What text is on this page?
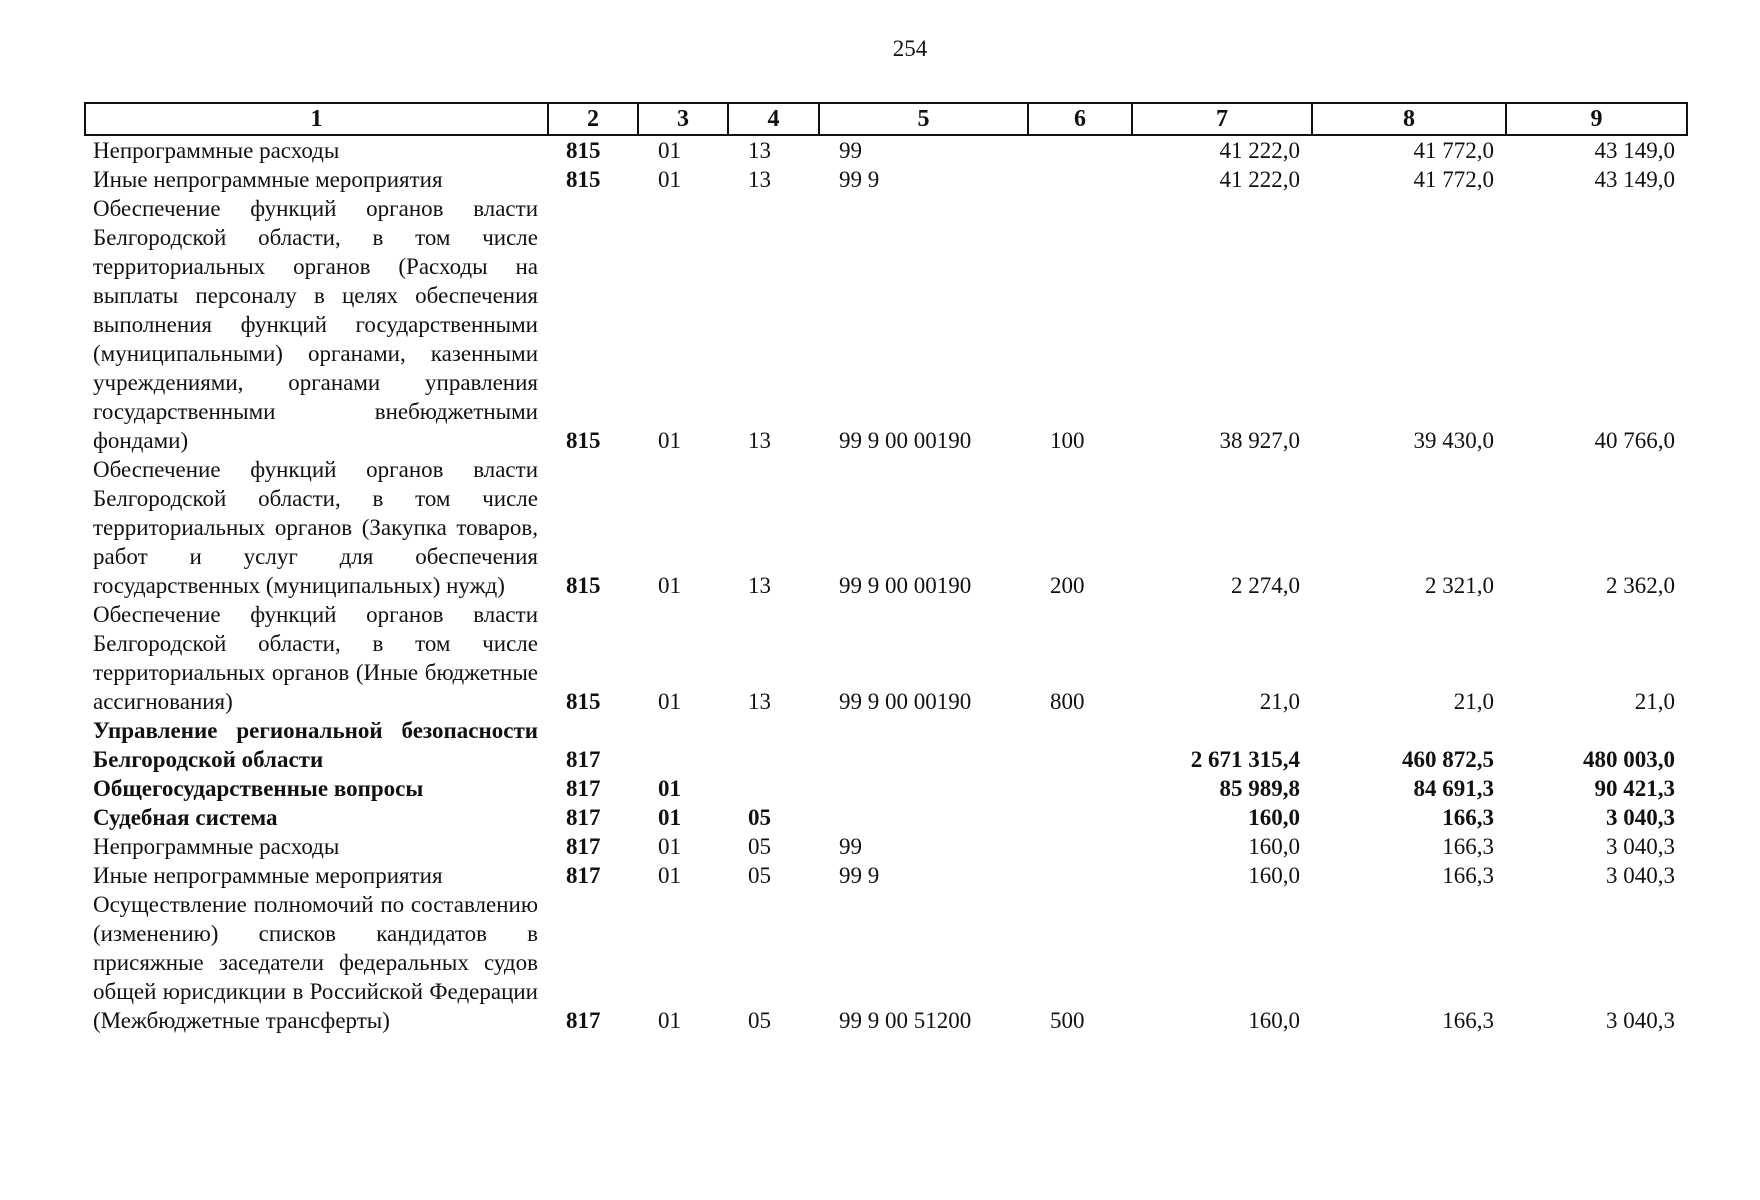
254
1	2	3	4	5	6	7	8	9
Непрограммные расходы	815	01	13	99		41 222,0	41 772,0	43 149,0
Иные непрограммные мероприятия	815	01	13	99 9		41 222,0	41 772,0	43 149,0
Обеспечение функций органов власти Белгородской области, в том числе территориальных органов (Расходы на выплаты персоналу в целях обеспечения выполнения функций государственными (муниципальными) органами, казенными учреждениями, органами управления государственными внебюджетными фондами)	815	01	13	99 9 00 00190	100	38 927,0	39 430,0	40 766,0
Обеспечение функций органов власти Белгородской области, в том числе территориальных органов (Закупка товаров, работ и услуг для обеспечения государственных (муниципальных) нужд)	815	01	13	99 9 00 00190	200	2 274,0	2 321,0	2 362,0
Обеспечение функций органов власти Белгородской области, в том числе территориальных органов (Иные бюджетные ассигнования)	815	01	13	99 9 00 00190	800	21,0	21,0	21,0
Управление региональной безопасности Белгородской области	817					2 671 315,4	460 872,5	480 003,0
Общегосударственные вопросы	817	01				85 989,8	84 691,3	90 421,3
Судебная система	817	01	05			160,0	166,3	3 040,3
Непрограммные расходы	817	01	05	99		160,0	166,3	3 040,3
Иные непрограммные мероприятия	817	01	05	99 9		160,0	166,3	3 040,3
Осуществление полномочий по составлению (изменению) списков кандидатов в присяжные заседатели федеральных судов общей юрисдикции в Российской Федерации (Межбюджетные трансферты)	817	01	05	99 9 00 51200	500	160,0	166,3	3 040,3
